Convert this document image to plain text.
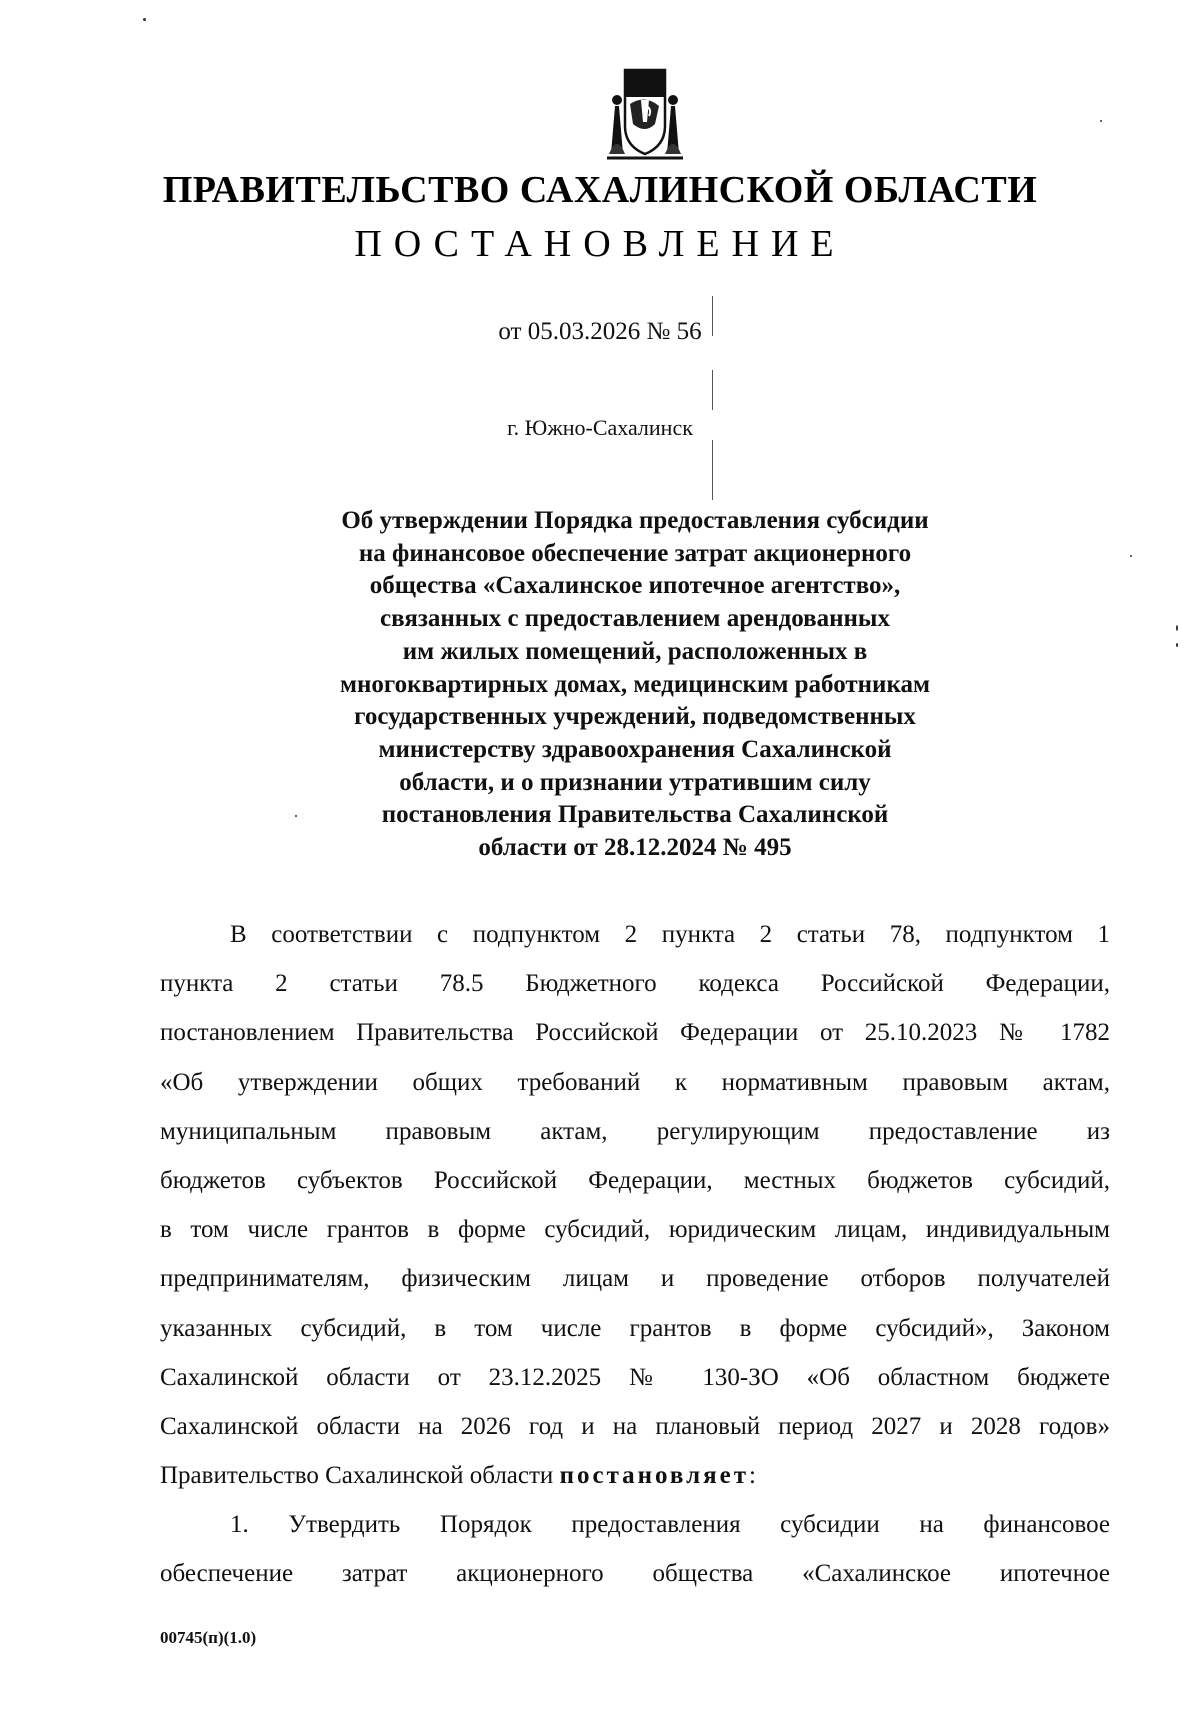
ПРАВИТЕЛЬСТВО САХАЛИНСКОЙ ОБЛАСТИ
ПОСТАНОВЛЕНИЕ
от 05.03.2026 № 56
г. Южно-Сахалинск
Об утверждении Порядка предоставления субсидии
на финансовое обеспечение затрат акционерного
общества «Сахалинское ипотечное агентство»,
связанных с предоставлением арендованных
им жилых помещений, расположенных в
многоквартирных домах, медицинским работникам
государственных учреждений, подведомственных
министерству здравоохранения Сахалинской
области, и о признании утратившим силу
постановления Правительства Сахалинской
области от 28.12.2024 № 495
В соответствии с подпунктом 2 пункта 2 статьи 78, подпунктом 1
пункта 2 статьи 78.5 Бюджетного кодекса Российской Федерации,
постановлением Правительства Российской Федерации от 25.10.2023 № 1782
«Об утверждении общих требований к нормативным правовым актам,
муниципальным правовым актам, регулирующим предоставление из
бюджетов субъектов Российской Федерации, местных бюджетов субсидий,
в том числе грантов в форме субсидий, юридическим лицам, индивидуальным
предпринимателям, физическим лицам и проведение отборов получателей
указанных субсидий, в том числе грантов в форме субсидий», Законом
Сахалинской области от 23.12.2025 № 130-ЗО «Об областном бюджете
Сахалинской области на 2026 год и на плановый период 2027 и 2028 годов»
Правительство Сахалинской области постановляет:
1. Утвердить Порядок предоставления субсидии на финансовое
обеспечение затрат акционерного общества «Сахалинское ипотечное
00745(п)(1.0)
